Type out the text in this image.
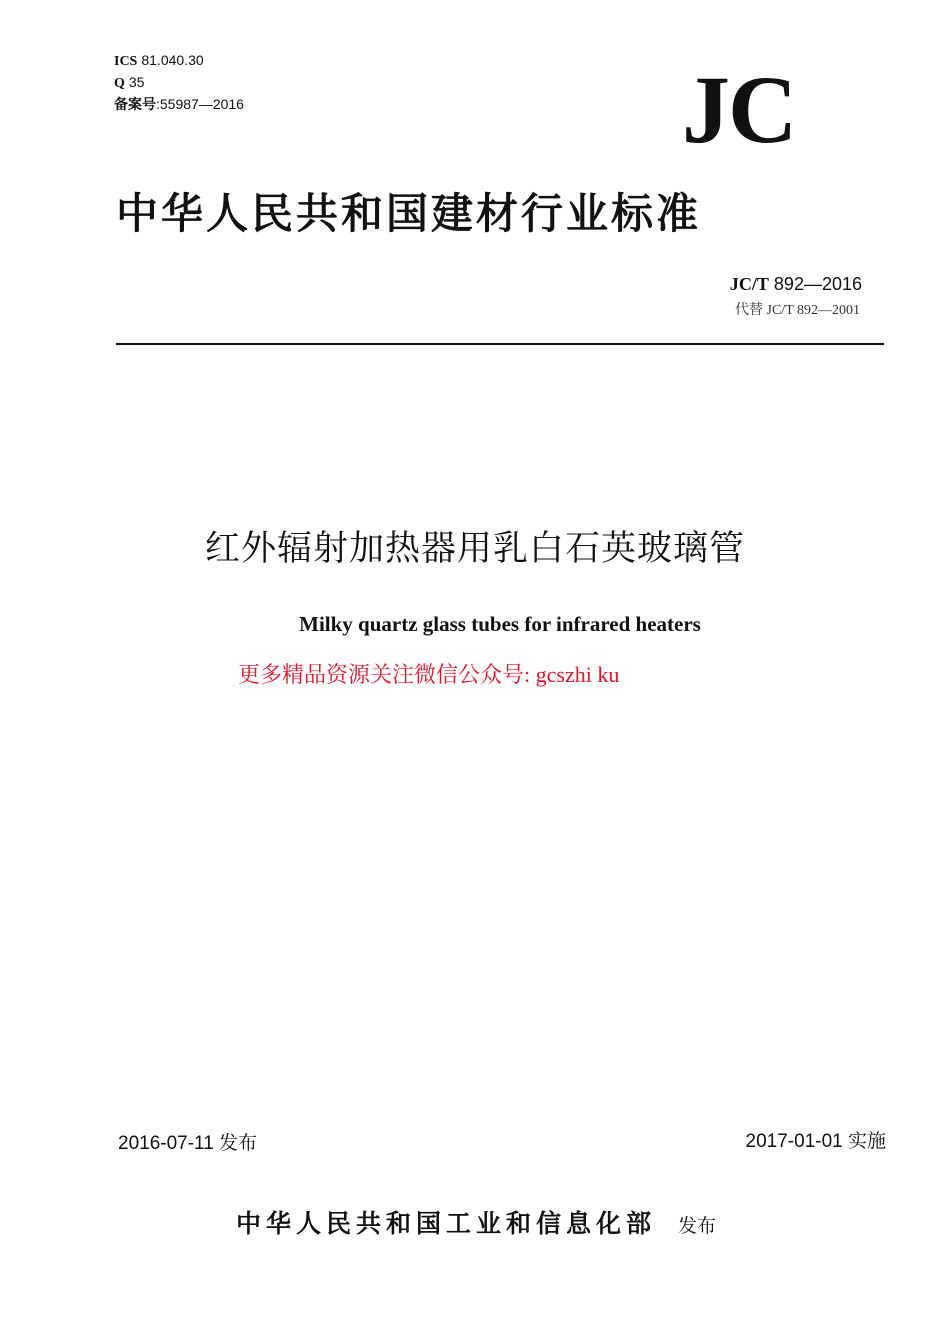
ICS 81.040.30
Q 35
备案号:55987—2016	JC
中华人民共和国建材行业标准
JC/T 892—2016
代替 JC/T 892—2001
红外辐射加热器用乳白石英玻璃管
Milky quartz glass tubes for infrared heaters
更多精品资源关注微信公众号: gcszhi ku
2016-07-11 发布	2017-01-01 实施
中华人民共和国工业和信息化部 发布
